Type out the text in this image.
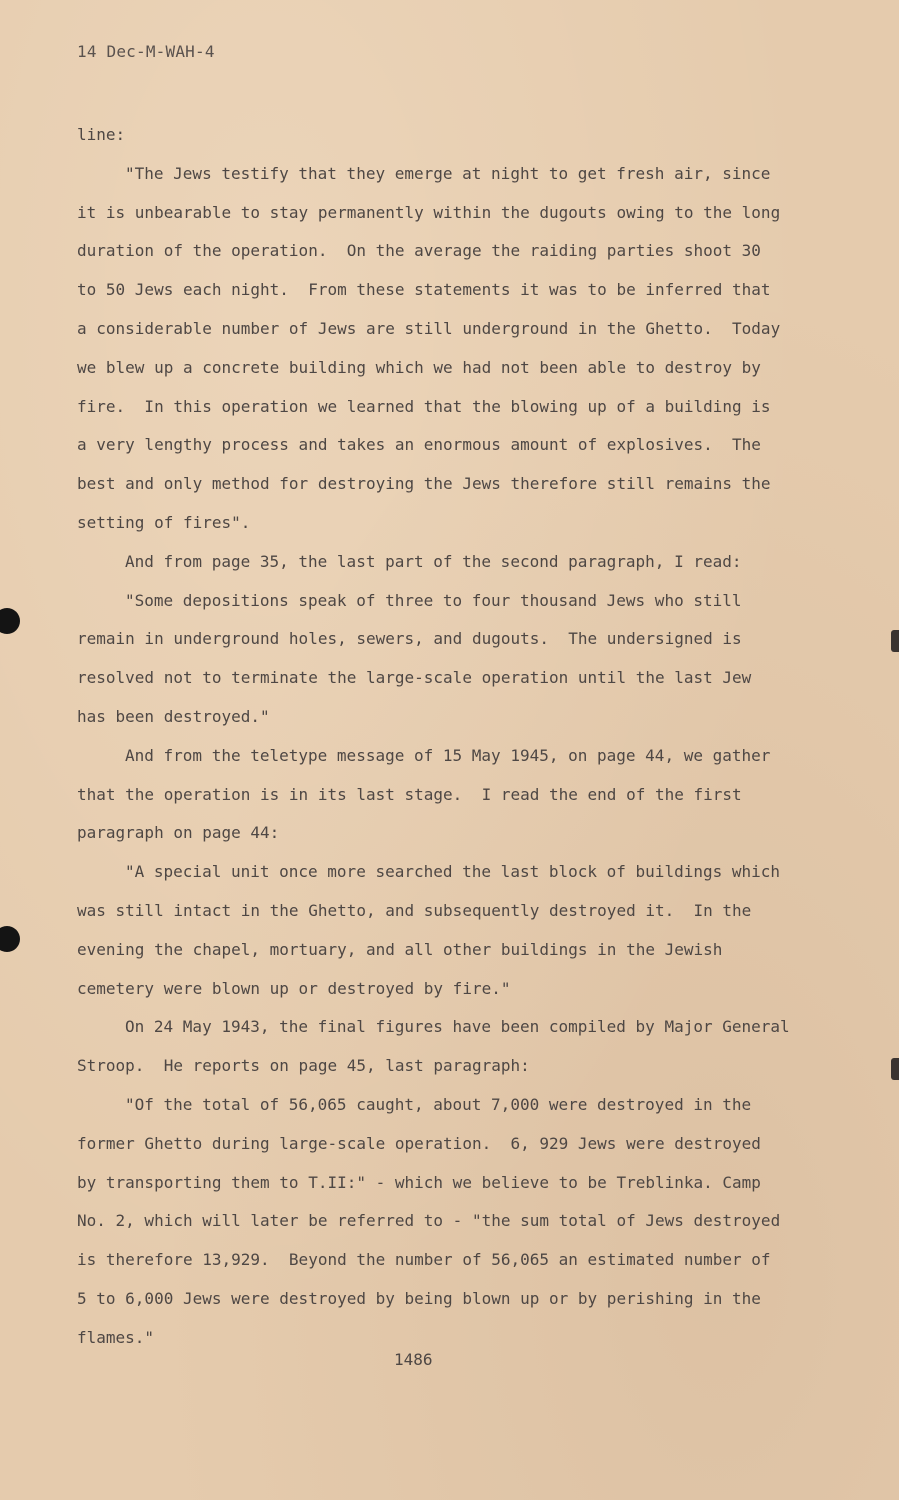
14 Dec-M-WAH-4
line:
"The Jews testify that they emerge at night to get fresh air, since
it is unbearable to stay permanently within the dugouts owing to the long
duration of the operation.  On the average the raiding parties shoot 30
to 50 Jews each night.  From these statements it was to be inferred that
a considerable number of Jews are still underground in the Ghetto.  Today
we blew up a concrete building which we had not been able to destroy by
fire.  In this operation we learned that the blowing up of a building is
a very lengthy process and takes an enormous amount of explosives.  The
best and only method for destroying the Jews therefore still remains the
setting of fires".
And from page 35, the last part of the second paragraph, I read:
"Some depositions speak of three to four thousand Jews who still
remain in underground holes, sewers, and dugouts.  The undersigned is
resolved not to terminate the large-scale operation until the last Jew
has been destroyed."
And from the teletype message of 15 May 1945, on page 44, we gather
that the operation is in its last stage.  I read the end of the first
paragraph on page 44:
"A special unit once more searched the last block of buildings which
was still intact in the Ghetto, and subsequently destroyed it.  In the
evening the chapel, mortuary, and all other buildings in the Jewish
cemetery were blown up or destroyed by fire."
On 24 May 1943, the final figures have been compiled by Major General
Stroop.  He reports on page 45, last paragraph:
"Of the total of 56,065 caught, about 7,000 were destroyed in the
former Ghetto during large-scale operation.  6, 929 Jews were destroyed
by transporting them to T.II:" - which we believe to be Treblinka. Camp
No. 2, which will later be referred to - "the sum total of Jews destroyed
is therefore 13,929.  Beyond the number of 56,065 an estimated number of
5 to 6,000 Jews were destroyed by being blown up or by perishing in the
flames."
1486
